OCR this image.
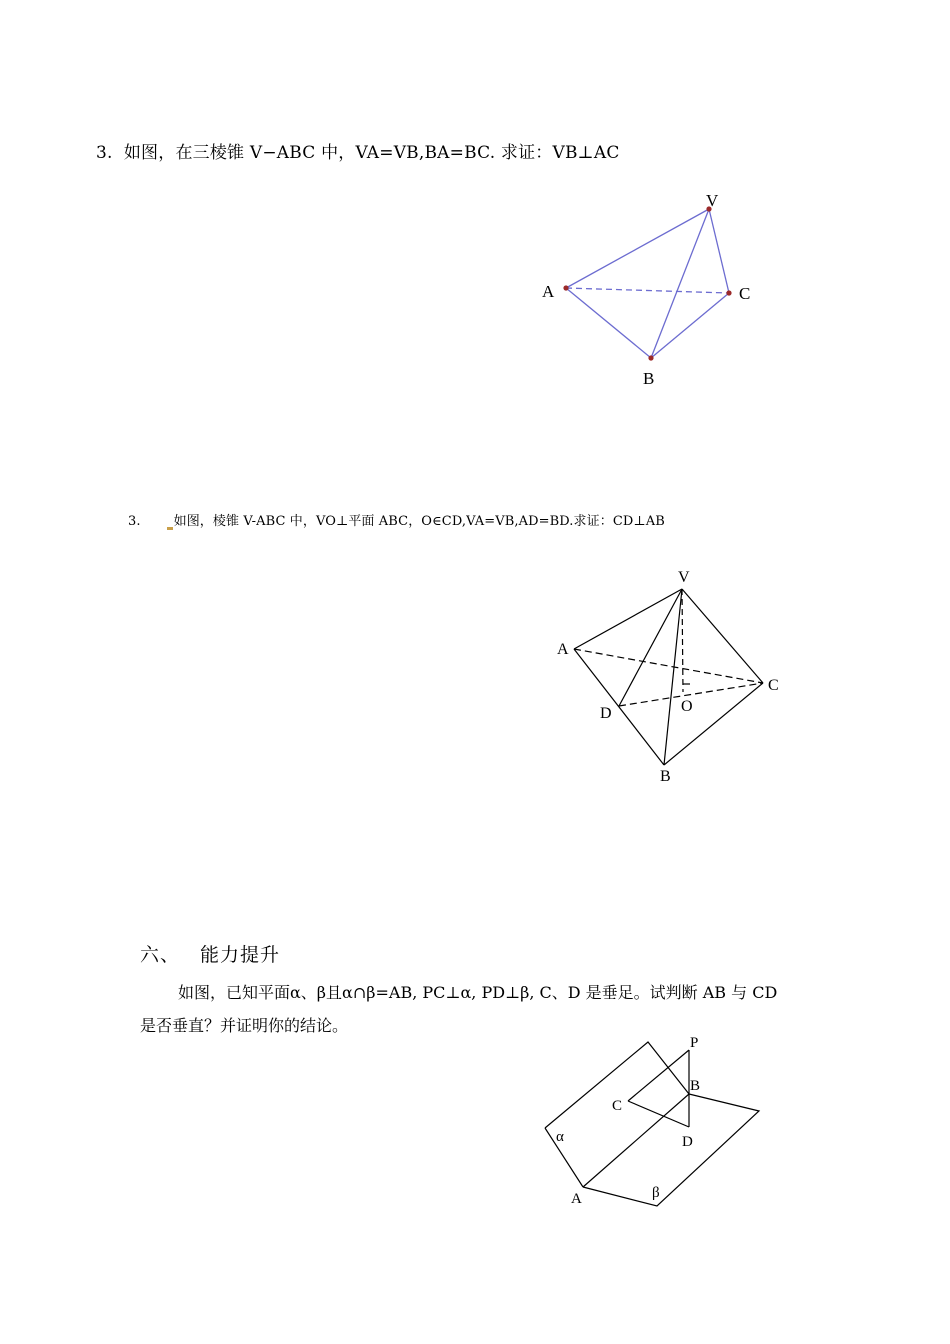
3. 如图，在三棱锥 V−ABC 中，VA=VB,BA=BC. 求证：VB⊥AC
V
A	C
B
V
A
C
O
D
B
P
B
C
D
α
A	β
3.	如图，棱锥 V-ABC 中，VO⊥平面 ABC，O∈CD,VA=VB,AD=BD.求证：CD⊥AB
六、 能力提升
如图，已知平面α、β且α∩β=AB, PC⊥α, PD⊥β, C、D 是垂足。试判断 AB 与 CD
是否垂直？并证明你的结论。
